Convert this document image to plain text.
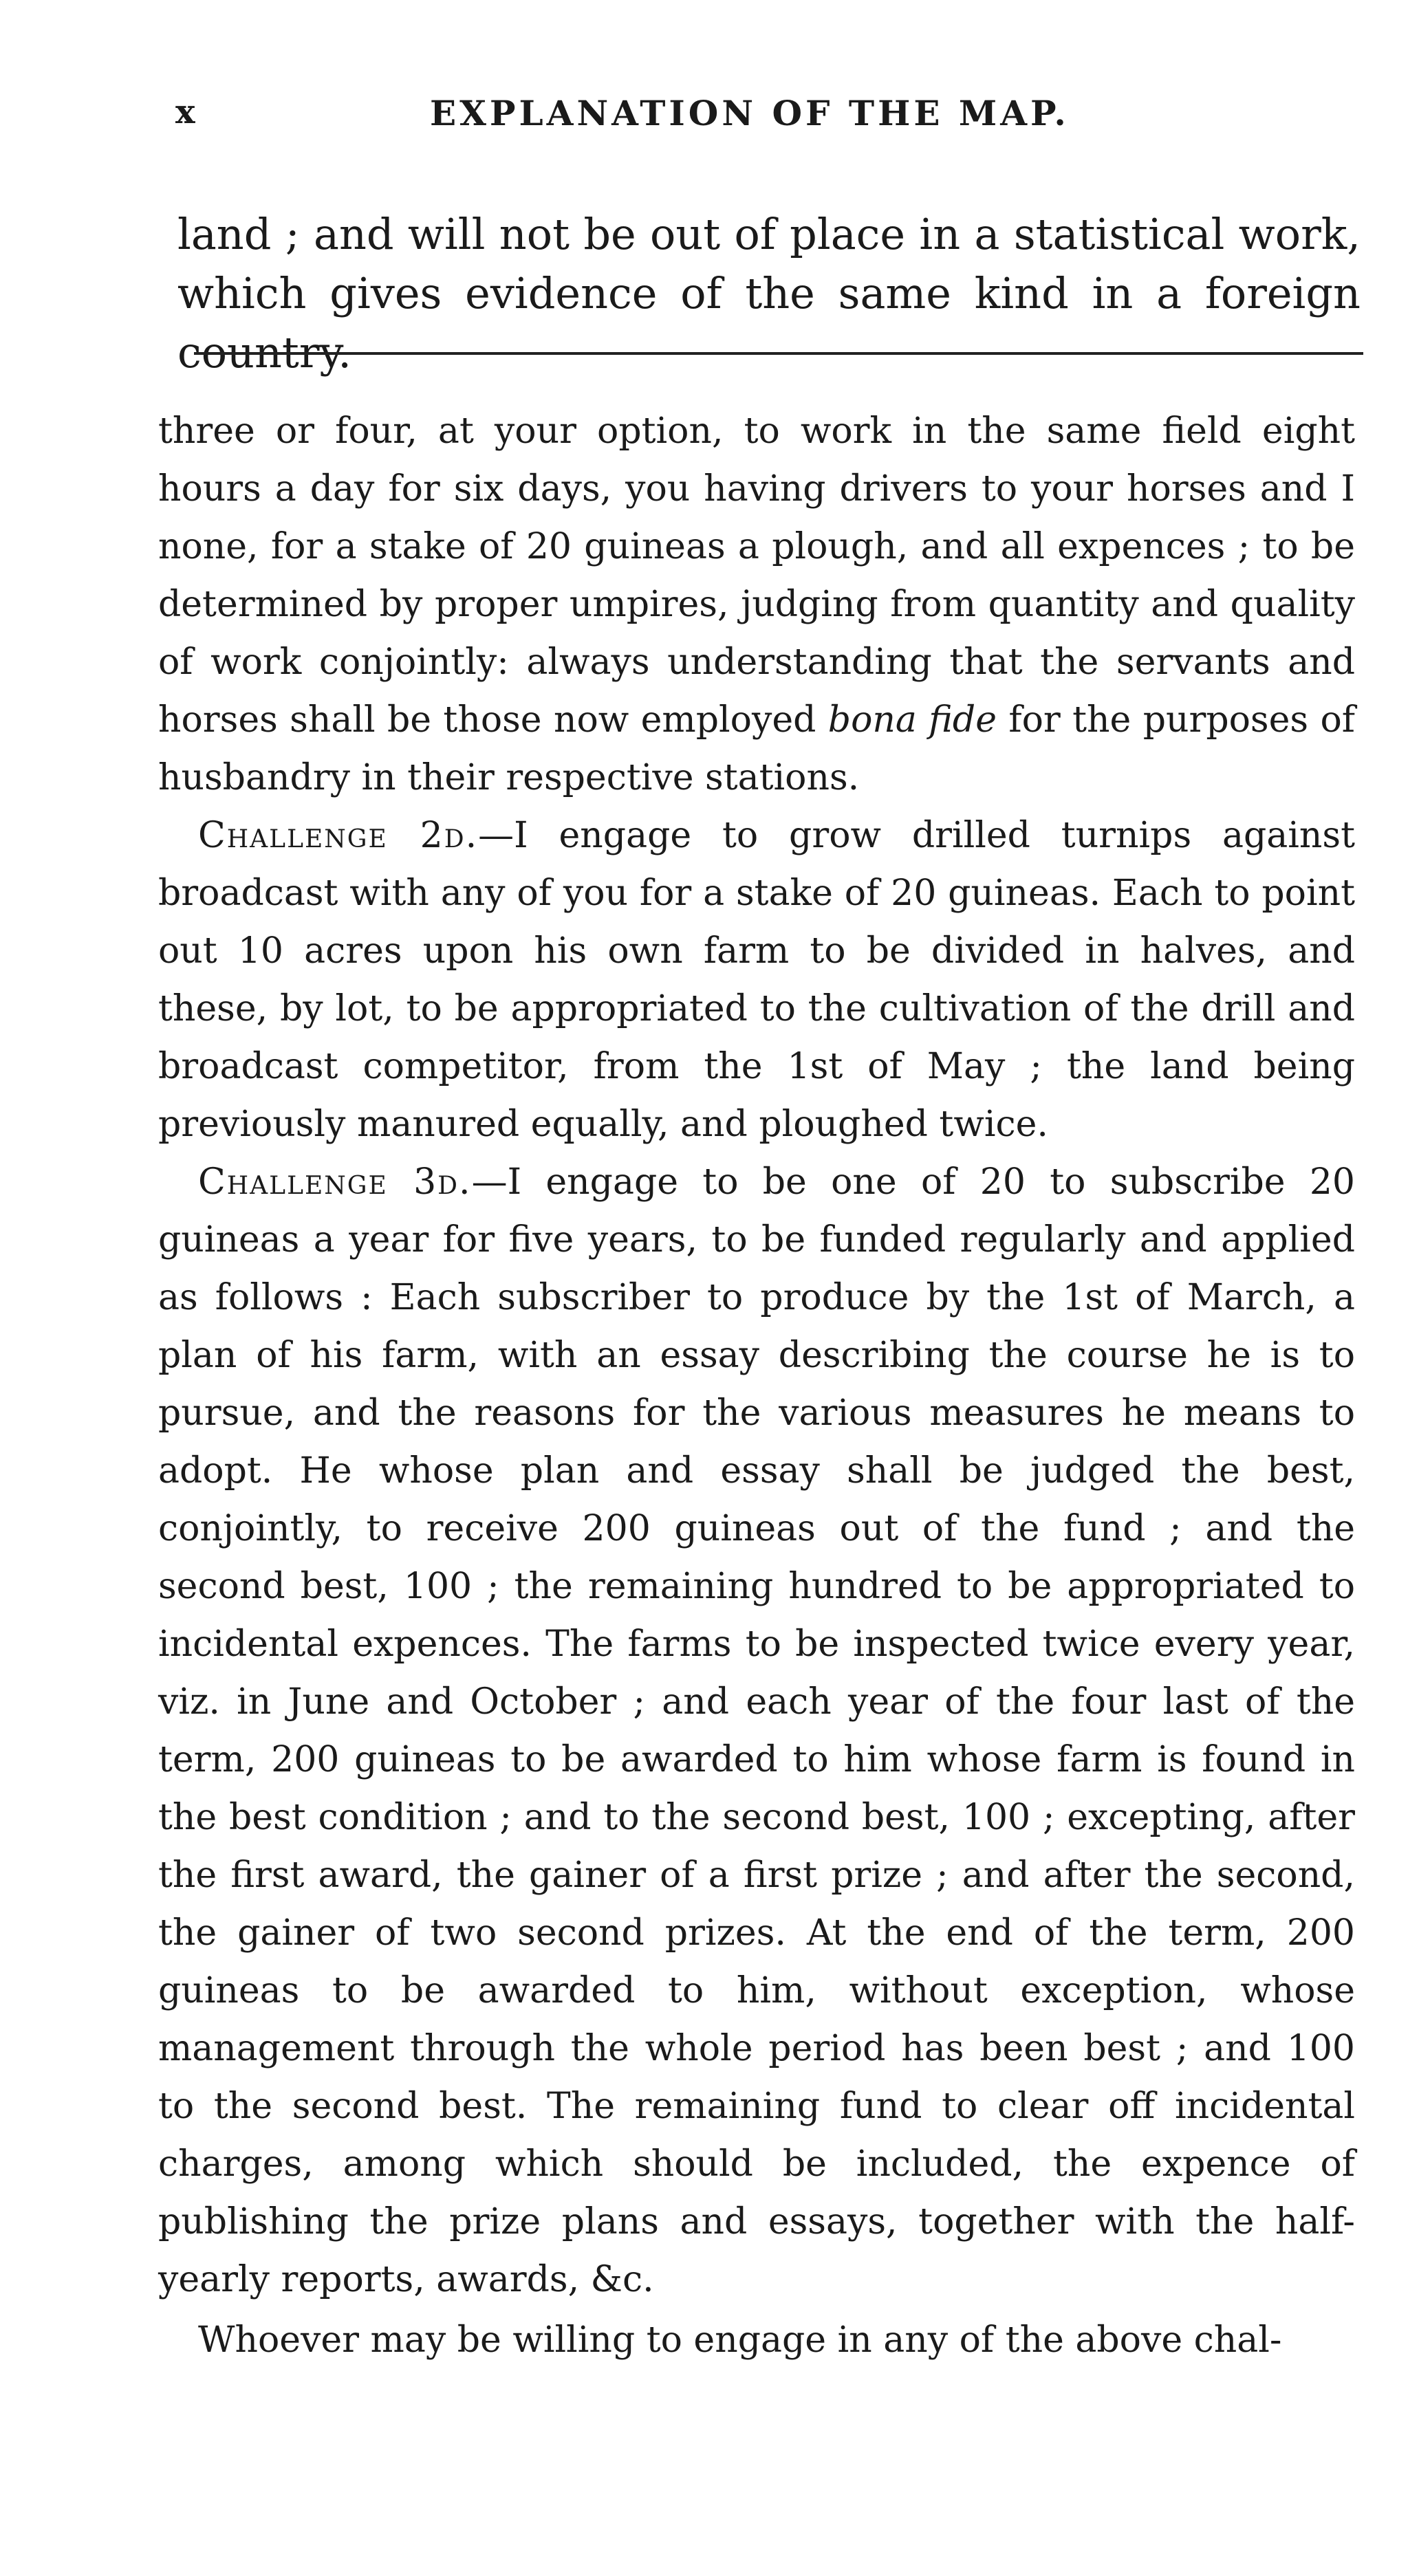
x	EXPLANATION OF THE MAP.
land ; and will not be out of place in a statistical work, which gives evidence of the same kind in a foreign country.

three or four, at your option, to work in the same field eight hours a day for six days, you having drivers to your horses and I none, for a stake of 20 guineas a plough, and all expences ; to be determined by proper umpires, judging from quantity and quality of work conjointly: always understanding that the servants and horses shall be those now employed bona fide for the purposes of husbandry in their respective stations.

Challenge 2d.—I engage to grow drilled turnips against broadcast with any of you for a stake of 20 guineas. Each to point out 10 acres upon his own farm to be divided in halves, and these, by lot, to be appropriated to the cultivation of the drill and broadcast competitor, from the 1st of May ; the land being previously manured equally, and ploughed twice.

Challenge 3d.—I engage to be one of 20 to subscribe 20 guineas a year for five years, to be funded regularly and applied as follows : Each subscriber to produce by the 1st of March, a plan of his farm, with an essay describing the course he is to pursue, and the reasons for the various measures he means to adopt. He whose plan and essay shall be judged the best, conjointly, to receive 200 guineas out of the fund ; and the second best, 100 ; the remaining hundred to be appropriated to incidental expences. The farms to be inspected twice every year, viz. in June and October ; and each year of the four last of the term, 200 guineas to be awarded to him whose farm is found in the best condition ; and to the second best, 100 ; excepting, after the first award, the gainer of a first prize ; and after the second, the gainer of two second prizes. At the end of the term, 200 guineas to be awarded to him, without exception, whose management through the whole period has been best ; and 100 to the second best. The remaining fund to clear off incidental charges, among which should be included, the expence of publishing the prize plans and essays, together with the half-yearly reports, awards, &c.

Whoever may be willing to engage in any of the above chal-
